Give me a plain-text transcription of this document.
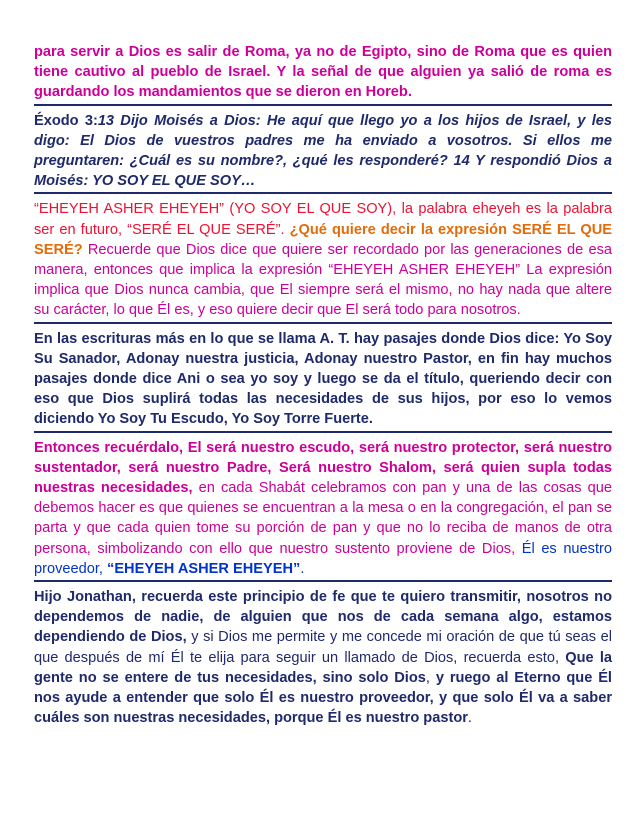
para servir a Dios es salir de Roma, ya no de Egipto, sino de Roma que es quien tiene cautivo al pueblo de Israel. Y la señal de que alguien ya salió de roma es guardando los mandamientos que se dieron en Horeb.

Éxodo 3:13 Dijo Moisés a Dios: He aquí que llego yo a los hijos de Israel, y les digo: El Dios de vuestros padres me ha enviado a vosotros. Si ellos me preguntaren: ¿Cuál es su nombre?, ¿qué les responderé? 14 Y respondió Dios a Moisés: YO SOY EL QUE SOY…

“EHEYEH ASHER EHEYEH” (YO SOY EL QUE SOY), la palabra eheyeh es la palabra ser en futuro, “SERÉ EL QUE SERÉ”. ¿Qué quiere decir la expresión SERÉ EL QUE SERÉ? Recuerde que Dios dice que quiere ser recordado por las generaciones de esa manera, entonces que implica la expresión “EHEYEH ASHER EHEYEH” La expresión implica que Dios nunca cambia, que El siempre será el mismo, no hay nada que altere su carácter, lo que Él es, y eso quiere decir que El será todo para nosotros.

En las escrituras más en lo que se llama A. T. hay pasajes donde Dios dice: Yo Soy Su Sanador, Adonay nuestra justicia, Adonay nuestro Pastor, en fin hay muchos pasajes donde dice Ani o sea yo soy y luego se da el título, queriendo decir con eso que Dios suplirá todas las necesidades de sus hijos, por eso lo vemos diciendo Yo Soy Tu Escudo, Yo Soy Torre Fuerte.

Entonces recuérdalo, El será nuestro escudo, será nuestro protector, será nuestro sustentador, será nuestro Padre, Será nuestro Shalom, será quien supla todas nuestras necesidades, en cada Shabát celebramos con pan y una de las cosas que debemos hacer es que quienes se encuentran a la mesa o en la congregación, el pan se parta y que cada quien tome su porción de pan y que no lo reciba de manos de otra persona, simbolizando con ello que nuestro sustento proviene de Dios, Él es nuestro proveedor, “EHEYEH ASHER EHEYEH”.

Hijo Jonathan, recuerda este principio de fe que te quiero transmitir, nosotros no dependemos de nadie, de alguien que nos de cada semana algo, estamos dependiendo de Dios, y si Dios me permite y me concede mi oración de que tú seas el que después de mí Él te elija para seguir un llamado de Dios, recuerda esto, Que la gente no se entere de tus necesidades, sino solo Dios, y ruego al Eterno que Él nos ayude a entender que solo Él es nuestro proveedor, y que solo Él va a saber cuáles son nuestras necesidades, porque Él es nuestro pastor.
